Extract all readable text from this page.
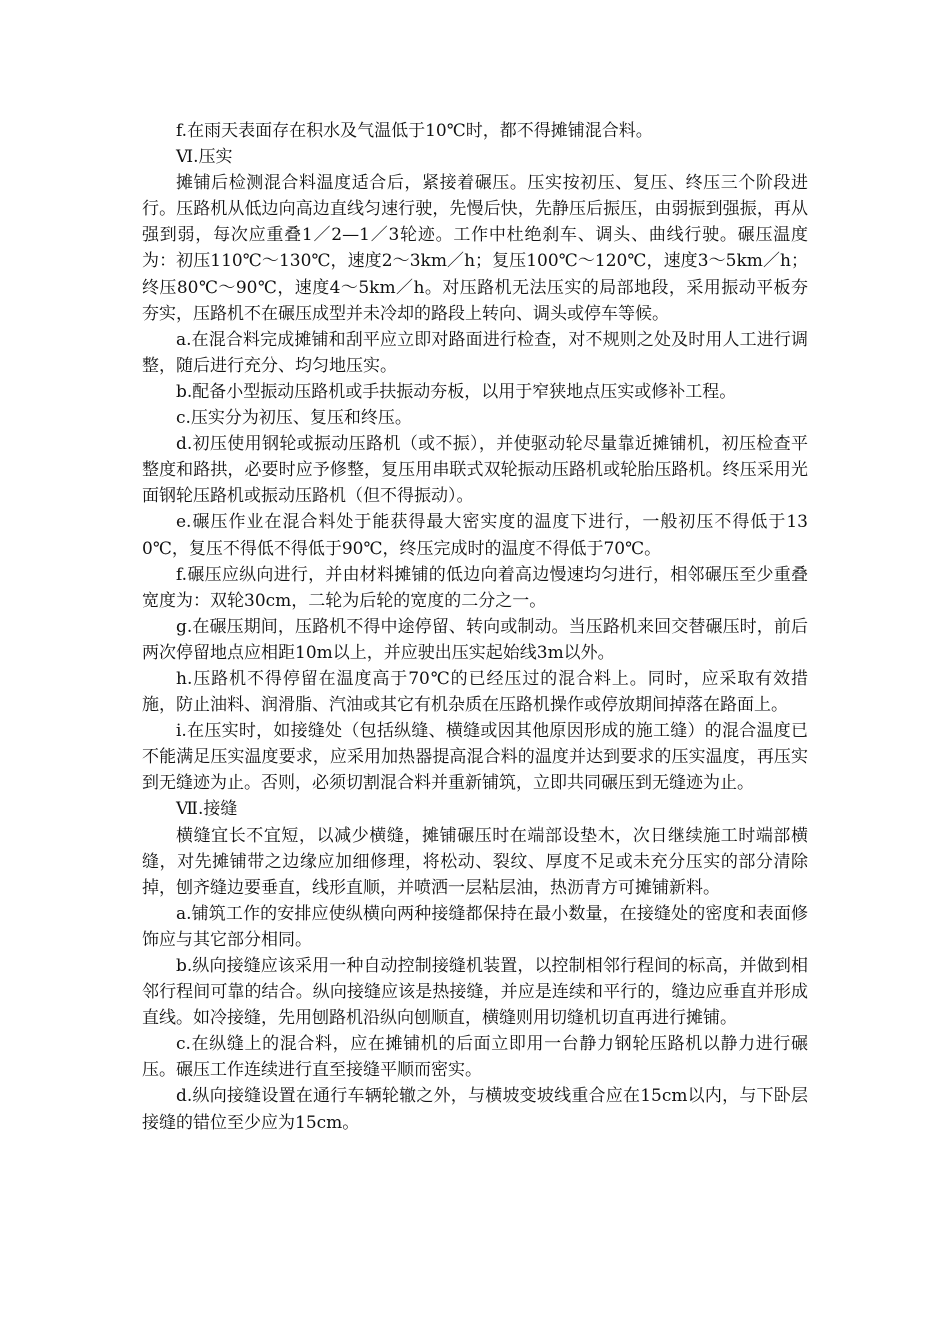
f.在雨天表面存在积水及气温低于10℃时，都不得摊铺混合料。

Ⅵ.压实

摊铺后检测混合料温度适合后，紧接着碾压。压实按初压、复压、终压三个阶段进行。压路机从低边向高边直线匀速行驶，先慢后快，先静压后振压，由弱振到强振，再从强到弱，每次应重叠1／2—1／3轮迹。工作中杜绝刹车、调头、曲线行驶。碾压温度为：初压110℃～130℃，速度2～3km／h；复压100℃～120℃，速度3～5km／h；终压80℃～90℃，速度4～5km／h。对压路机无法压实的局部地段，采用振动平板夯夯实，压路机不在碾压成型并未冷却的路段上转向、调头或停车等候。

a.在混合料完成摊铺和刮平应立即对路面进行检查，对不规则之处及时用人工进行调整，随后进行充分、均匀地压实。

b.配备小型振动压路机或手扶振动夯板，以用于窄狭地点压实或修补工程。

c.压实分为初压、复压和终压。

d.初压使用钢轮或振动压路机（或不振），并使驱动轮尽量靠近摊铺机，初压检查平整度和路拱，必要时应予修整，复压用串联式双轮振动压路机或轮胎压路机。终压采用光面钢轮压路机或振动压路机（但不得振动）。

e.碾压作业在混合料处于能获得最大密实度的温度下进行，一般初压不得低于130℃，复压不得低不得低于90℃，终压完成时的温度不得低于70℃。

f.碾压应纵向进行，并由材料摊铺的低边向着高边慢速均匀进行，相邻碾压至少重叠宽度为：双轮30cm，二轮为后轮的宽度的二分之一。

g.在碾压期间，压路机不得中途停留、转向或制动。当压路机来回交替碾压时，前后两次停留地点应相距10m以上，并应驶出压实起始线3m以外。

h.压路机不得停留在温度高于70℃的已经压过的混合料上。同时，应采取有效措施，防止油料、润滑脂、汽油或其它有机杂质在压路机操作或停放期间掉落在路面上。

i.在压实时，如接缝处（包括纵缝、横缝或因其他原因形成的施工缝）的混合温度已不能满足压实温度要求，应采用加热器提高混合料的温度并达到要求的压实温度，再压实到无缝迹为止。否则，必须切割混合料并重新铺筑，立即共同碾压到无缝迹为止。

Ⅶ.接缝

横缝宜长不宜短，以减少横缝，摊铺碾压时在端部设垫木，次日继续施工时端部横缝，对先摊铺带之边缘应加细修理，将松动、裂纹、厚度不足或未充分压实的部分清除掉，刨齐缝边要垂直，线形直顺，并喷洒一层粘层油，热沥青方可摊铺新料。

a.铺筑工作的安排应使纵横向两种接缝都保持在最小数量，在接缝处的密度和表面修饰应与其它部分相同。

b.纵向接缝应该采用一种自动控制接缝机装置，以控制相邻行程间的标高，并做到相邻行程间可靠的结合。纵向接缝应该是热接缝，并应是连续和平行的，缝边应垂直并形成直线。如冷接缝，先用刨路机沿纵向刨顺直，横缝则用切缝机切直再进行摊铺。

c.在纵缝上的混合料，应在摊铺机的后面立即用一台静力钢轮压路机以静力进行碾压。碾压工作连续进行直至接缝平顺而密实。

d.纵向接缝设置在通行车辆轮辙之外，与横坡变坡线重合应在15cm以内，与下卧层接缝的错位至少应为15cm。
